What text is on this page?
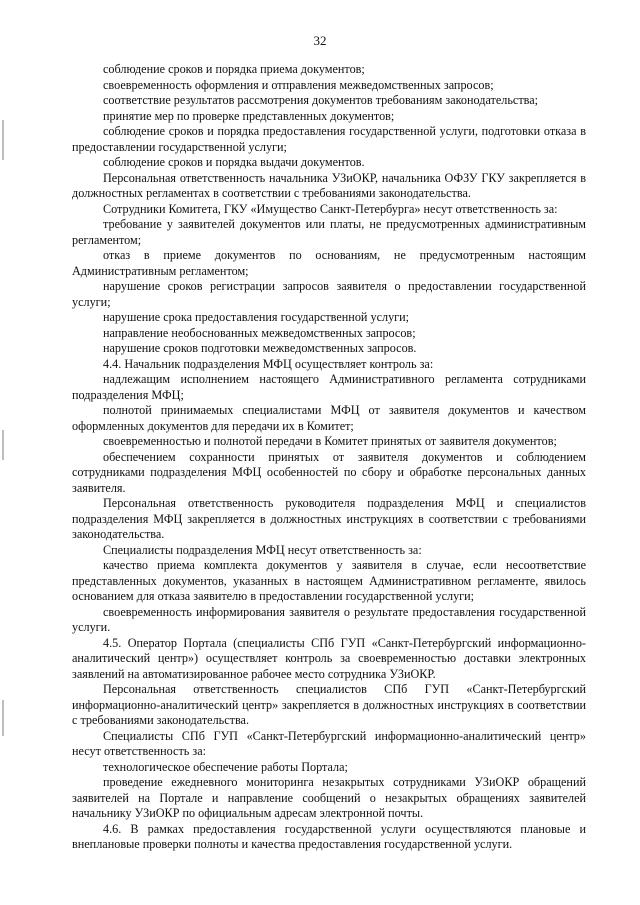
32

соблюдение сроков и порядка приема документов;

своевременность оформления и отправления межведомственных запросов;

соответствие результатов рассмотрения документов требованиям законодательства;

принятие мер по проверке представленных документов;

соблюдение сроков и порядка предоставления государственной услуги, подготовки отказа в предоставлении государственной услуги;

соблюдение сроков и порядка выдачи документов.

Персональная ответственность начальника УЗиОКР, начальника ОФЗУ ГКУ закрепляется в должностных регламентах в соответствии с требованиями законодательства.

Сотрудники Комитета, ГКУ «Имущество Санкт-Петербурга» несут ответственность за:

требование у заявителей документов или платы, не предусмотренных административным регламентом;

отказ в приеме документов по основаниям, не предусмотренным настоящим Административным регламентом;

нарушение сроков регистрации запросов заявителя о предоставлении государственной услуги;

нарушение срока предоставления государственной услуги;

направление необоснованных межведомственных запросов;

нарушение сроков подготовки межведомственных запросов.

4.4. Начальник подразделения МФЦ осуществляет контроль за:

надлежащим исполнением настоящего Административного регламента сотрудниками подразделения МФЦ;

полнотой принимаемых специалистами МФЦ от заявителя документов и качеством оформленных документов для передачи их в Комитет;

своевременностью и полнотой передачи в Комитет принятых от заявителя документов;

обеспечением сохранности принятых от заявителя документов и соблюдением сотрудниками подразделения МФЦ особенностей по сбору и обработке персональных данных заявителя.

Персональная ответственность руководителя подразделения МФЦ и специалистов подразделения МФЦ закрепляется в должностных инструкциях в соответствии с требованиями законодательства.

Специалисты подразделения МФЦ несут ответственность за:

качество приема комплекта документов у заявителя в случае, если несоответствие представленных документов, указанных в настоящем Административном регламенте, явилось основанием для отказа заявителю в предоставлении государственной услуги;

своевременность информирования заявителя о результате предоставления государственной услуги.

4.5. Оператор Портала (специалисты СПб ГУП «Санкт-Петербургский информационно-аналитический центр») осуществляет контроль за своевременностью доставки электронных заявлений на автоматизированное рабочее место сотрудника УЗиОКР.

Персональная ответственность специалистов СПб ГУП «Санкт-Петербургский информационно-аналитический центр» закрепляется в должностных инструкциях в соответствии с требованиями законодательства.

Специалисты СПб ГУП «Санкт-Петербургский информационно-аналитический центр» несут ответственность за:

технологическое обеспечение работы Портала;

проведение ежедневного мониторинга незакрытых сотрудниками УЗиОКР обращений заявителей на Портале и направление сообщений о незакрытых обращениях заявителей начальнику УЗиОКР по официальным адресам электронной почты.

4.6. В рамках предоставления государственной услуги осуществляются плановые и внеплановые проверки полноты и качества предоставления государственной услуги.
